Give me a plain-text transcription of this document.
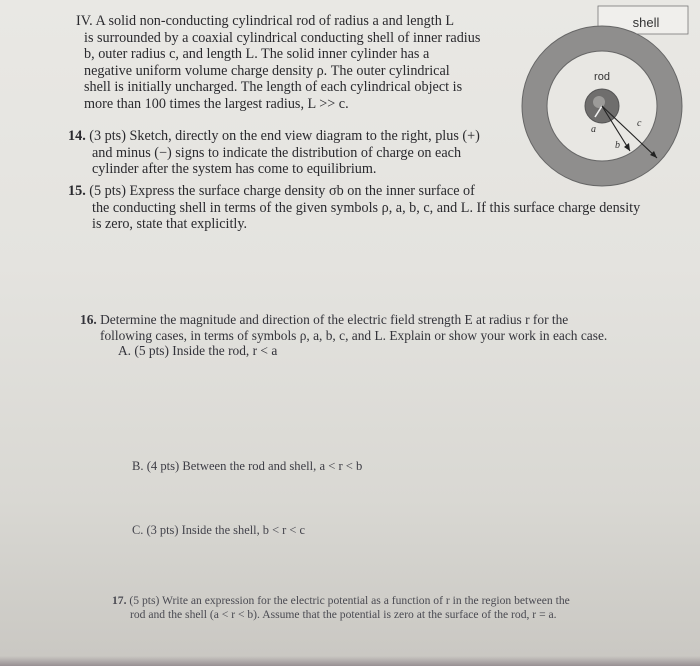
IV. A solid non-conducting cylindrical rod of radius a and length L
is surrounded by a coaxial cylindrical conducting shell of inner radius
b, outer radius c, and length L. The solid inner cylinder has a
negative uniform volume charge density ρ. The outer cylindrical
shell is initially uncharged. The length of each cylindrical object is
more than 100 times the largest radius, L >> c.
shell
rod
a
b
c
14. (3 pts) Sketch, directly on the end view diagram to the right, plus (+)
and minus (−) signs to indicate the distribution of charge on each
cylinder after the system has come to equilibrium.
15. (5 pts) Express the surface charge density σb on the inner surface of
the conducting shell in terms of the given symbols ρ, a, b, c, and L. If this surface charge density
is zero, state that explicitly.
16. Determine the magnitude and direction of the electric field strength E at radius r for the
following cases, in terms of symbols ρ, a, b, c, and L. Explain or show your work in each case.
A. (5 pts) Inside the rod, r < a
B. (4 pts) Between the rod and shell, a < r < b
C. (3 pts) Inside the shell, b < r < c
17. (5 pts) Write an expression for the electric potential as a function of r in the region between the
rod and the shell (a < r < b). Assume that the potential is zero at the surface of the rod, r = a.
